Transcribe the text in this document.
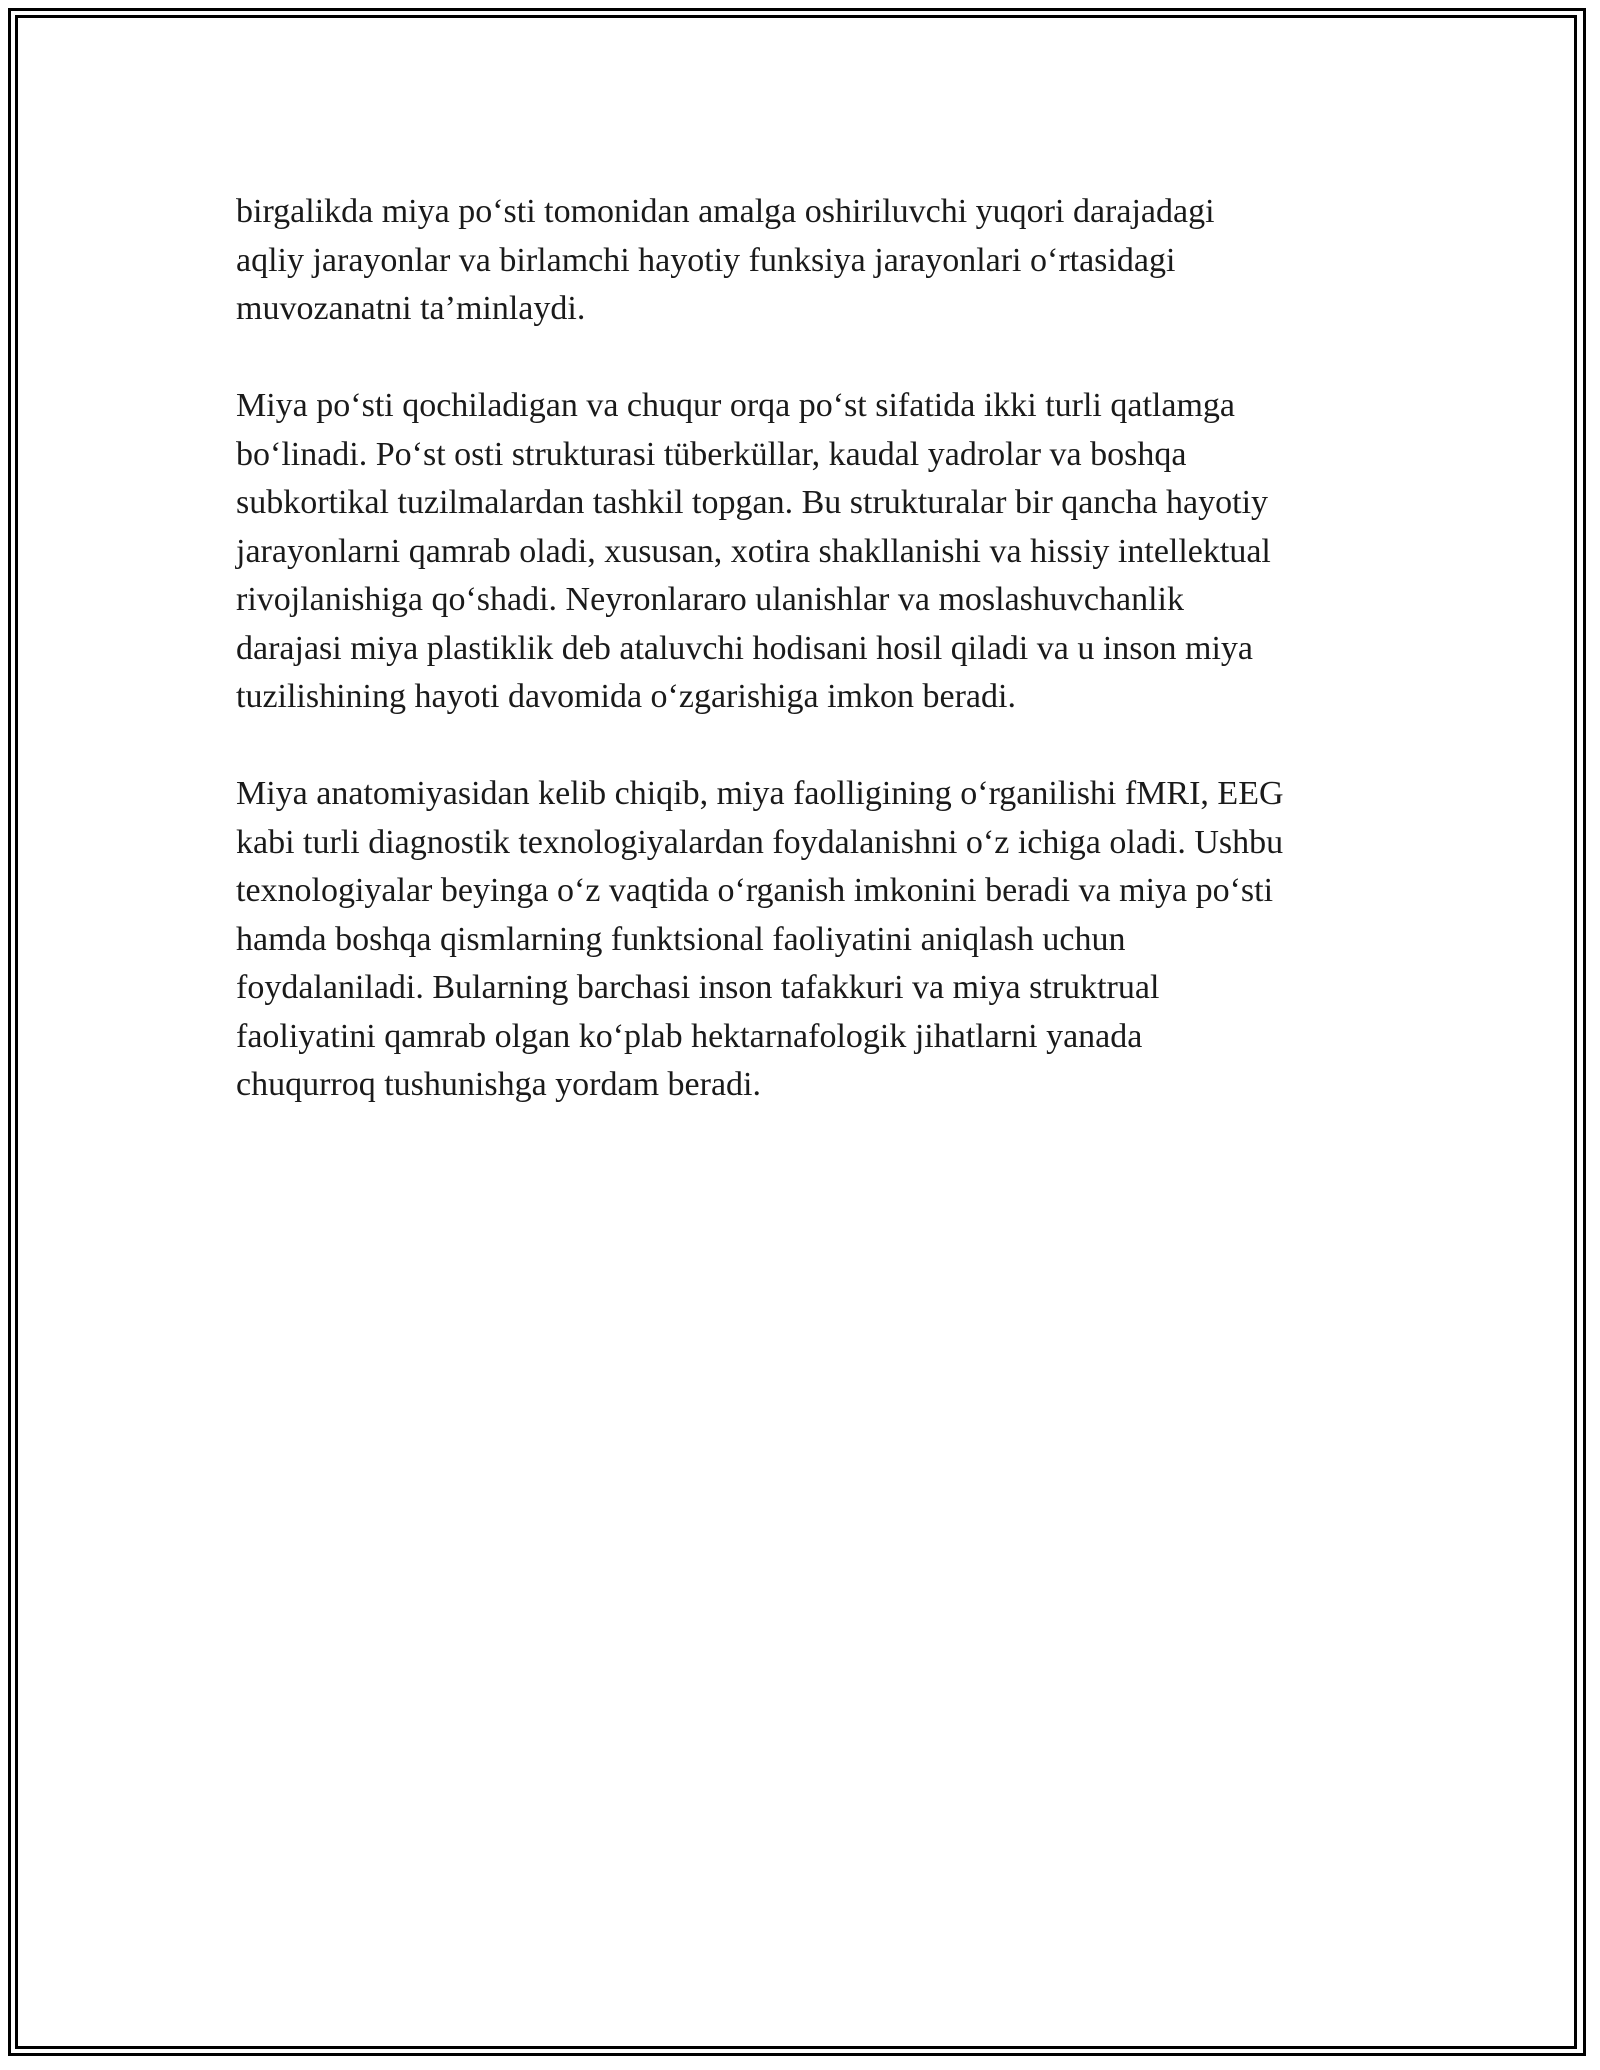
birgalikda miya po‘sti tomonidan amalga oshiriluvchi yuqori darajadagi
aqliy jarayonlar va birlamchi hayotiy funksiya jarayonlari o‘rtasidagi
muvozanatni ta’minlaydi.

Miya po‘sti qochiladigan va chuqur orqa po‘st sifatida ikki turli qatlamga
bo‘linadi. Po‘st osti strukturasi tüberküllar, kaudal yadrolar va boshqa
subkortikal tuzilmalardan tashkil topgan. Bu strukturalar bir qancha hayotiy
jarayonlarni qamrab oladi, xususan, xotira shakllanishi va hissiy intellektual
rivojlanishiga qo‘shadi. Neyronlararo ulanishlar va moslashuvchanlik
darajasi miya plastiklik deb ataluvchi hodisani hosil qiladi va u inson miya
tuzilishining hayoti davomida o‘zgarishiga imkon beradi.

Miya anatomiyasidan kelib chiqib, miya faolligining o‘rganilishi fMRI, EEG
kabi turli diagnostik texnologiyalardan foydalanishni o‘z ichiga oladi. Ushbu
texnologiyalar beyinga o‘z vaqtida o‘rganish imkonini beradi va miya po‘sti
hamda boshqa qismlarning funktsional faoliyatini aniqlash uchun
foydalaniladi. Bularning barchasi inson tafakkuri va miya struktrual
faoliyatini qamrab olgan ko‘plab hektarnafologik jihatlarni yanada
chuqurroq tushunishga yordam beradi.
